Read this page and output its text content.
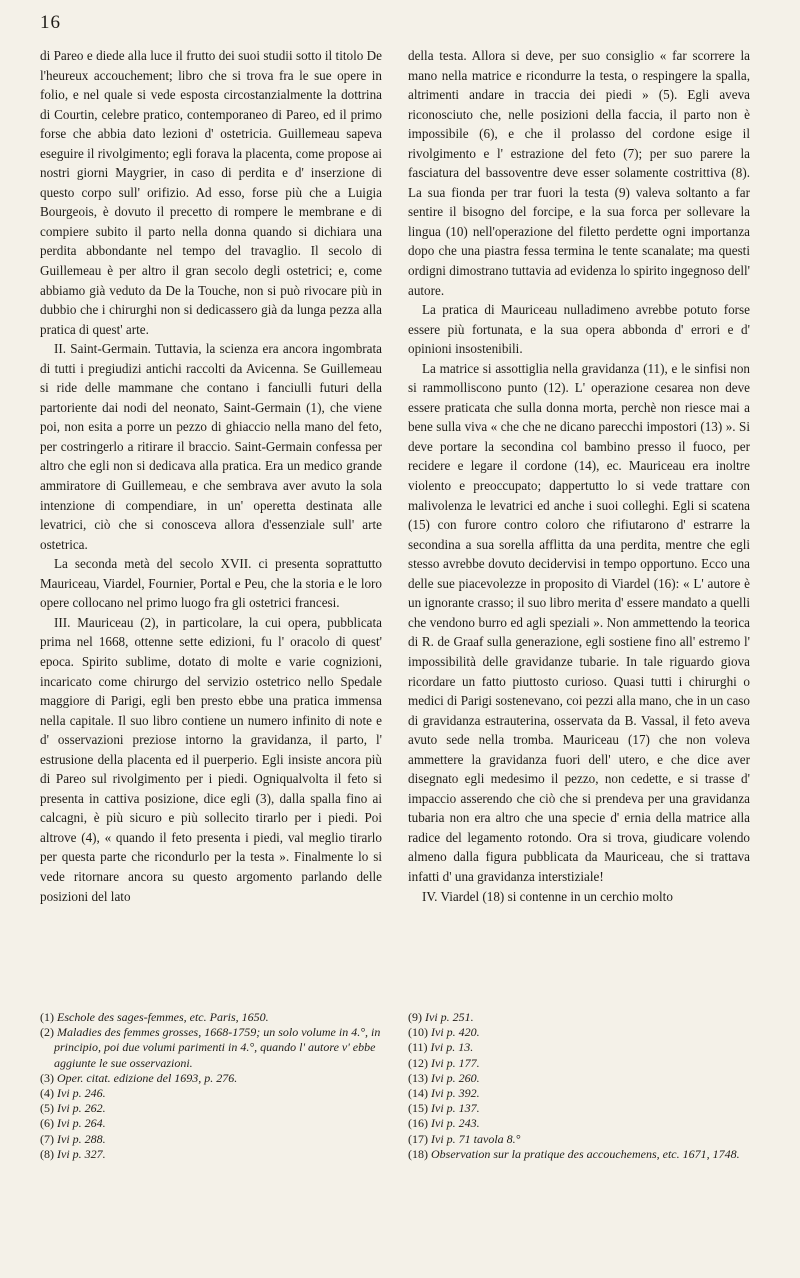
16

di Pareo e diede alla luce il frutto dei suoi studii sotto il titolo De l'heureux accouchement; libro che si trova fra le sue opere in folio, e nel quale si vede esposta circostanzialmente la dottrina di Courtin, celebre pratico, contemporaneo di Pareo, ed il primo forse che abbia dato lezioni d' ostetricia. Guillemeau sapeva eseguire il rivolgimento; egli forava la placenta, come propose ai nostri giorni Maygrier, in caso di perdita e d' inserzione di questo corpo sull' orifizio. Ad esso, forse più che a Luigia Bourgeois, è dovuto il precetto di rompere le membrane e di compiere subito il parto nella donna quando si dichiara una perdita abbondante nel tempo del travaglio. Il secolo di Guillemeau è per altro il gran secolo degli ostetrici; e, come abbiamo già veduto da De la Touche, non si può rivocare più in dubbio che i chirurghi non si dedicassero già da lunga pezza alla pratica di quest' arte.

II. Saint-Germain. Tuttavia, la scienza era ancora ingombrata di tutti i pregiudizi antichi raccolti da Avicenna. Se Guillemeau si ride delle mammane che contano i fanciulli futuri della partoriente dai nodi del neonato, Saint-Germain (1), che viene poi, non esita a porre un pezzo di ghiaccio nella mano del feto, per costringerlo a ritirare il braccio. Saint-Germain confessa per altro che egli non si dedicava alla pratica. Era un medico grande ammiratore di Guillemeau, e che sembrava aver avuto la sola intenzione di compendiare, in un' operetta destinata alle levatrici, ciò che si conosceva allora d'essenziale sull' arte ostetrica.

La seconda metà del secolo XVII. ci presenta soprattutto Mauriceau, Viardel, Fournier, Portal e Peu, che la storia e le loro opere collocano nel primo luogo fra gli ostetrici francesi.

III. Mauriceau (2), in particolare, la cui opera, pubblicata prima nel 1668, ottenne sette edizioni, fu l' oracolo di quest' epoca. Spirito sublime, dotato di molte e varie cognizioni, incaricato come chirurgo del servizio ostetrico nello Spedale maggiore di Parigi, egli ben presto ebbe una pratica immensa nella capitale. Il suo libro contiene un numero infinito di note e d' osservazioni preziose intorno la gravidanza, il parto, l' estrusione della placenta ed il puerperio. Egli insiste ancora più di Pareo sul rivolgimento per i piedi. Ogniqualvolta il feto si presenta in cattiva posizione, dice egli (3), dalla spalla fino ai calcagni, è più sicuro e più sollecito tirarlo per i piedi. Poi altrove (4), « quando il feto presenta i piedi, val meglio tirarlo per questa parte che ricondurlo per la testa ». Finalmente lo si vede ritornare ancora su questo argomento parlando delle posizioni del lato

della testa. Allora si deve, per suo consiglio « far scorrere la mano nella matrice e ricondurre la testa, o respingere la spalla, altrimenti andare in traccia dei piedi » (5). Egli aveva riconosciuto che, nelle posizioni della faccia, il parto non è impossibile (6), e che il prolasso del cordone esige il rivolgimento e l' estrazione del feto (7); per suo parere la fasciatura del bassoventre deve esser solamente costrittiva (8). La sua fionda per trar fuori la testa (9) valeva soltanto a far sentire il bisogno del forcipe, e la sua forca per sollevare la lingua (10) nell'operazione del filetto perdette ogni importanza dopo che una piastra fessa termina le tente scanalate; ma questi ordigni dimostrano tuttavia ad evidenza lo spirito ingegnoso dell' autore.

La pratica di Mauriceau nulladimeno avrebbe potuto forse essere più fortunata, e la sua opera abbonda d' errori e d' opinioni insostenibili.

La matrice si assottiglia nella gravidanza (11), e le sinfisi non si rammolliscono punto (12). L' operazione cesarea non deve essere praticata che sulla donna morta, perchè non riesce mai a bene sulla viva « che che ne dicano parecchi impostori (13) ». Si deve portare la secondina col bambino presso il fuoco, per recidere e legare il cordone (14), ec. Mauriceau era inoltre violento e preoccupato; dappertutto lo si vede trattare con malivolenza le levatrici ed anche i suoi colleghi. Egli si scatena (15) con furore contro coloro che rifiutarono d' estrarre la secondina a sua sorella afflitta da una perdita, mentre che egli stesso avrebbe dovuto decidervisi in tempo opportuno. Ecco una delle sue piacevolezze in proposito di Viardel (16): « L' autore è un ignorante crasso; il suo libro merita d' essere mandato a quelli che vendono burro ed agli speziali ». Non ammettendo la teorica di R. de Graaf sulla generazione, egli sostiene fino all' estremo l' impossibilità delle gravidanze tubarie. In tale riguardo giova ricordare un fatto piuttosto curioso. Quasi tutti i chirurghi o medici di Parigi sostenevano, coi pezzi alla mano, che in un caso di gravidanza estrauterina, osservata da B. Vassal, il feto aveva avuto sede nella tromba. Mauriceau (17) che non voleva ammettere la gravidanza fuori dell' utero, e che dice aver disegnato egli medesimo il pezzo, non cedette, e si trasse d' impaccio asserendo che ciò che si prendeva per una gravidanza tubaria non era altro che una specie d' ernia della matrice alla radice del legamento rotondo. Ora si trova, giudicare volendo almeno dalla figura pubblicata da Mauriceau, che si trattava infatti d' una gravidanza interstiziale!

IV. Viardel (18) si contenne in un cerchio molto

(1) Eschole des sages-femmes, etc. Paris, 1650.

(2) Maladies des femmes grosses, 1668-1759; un solo volume in 4.°, in principio, poi due volumi parimenti in 4.°, quando l' autore v' ebbe aggiunte le sue osservazioni.

(3) Oper. citat. edizione del 1693, p. 276.

(4) Ivi p. 246.

(5) Ivi p. 262.

(6) Ivi p. 264.

(7) Ivi p. 288.

(8) Ivi p. 327.

(9) Ivi p. 251.

(10) Ivi p. 420.

(11) Ivi p. 13.

(12) Ivi p. 177.

(13) Ivi p. 260.

(14) Ivi p. 392.

(15) Ivi p. 137.

(16) Ivi p. 243.

(17) Ivi p. 71 tavola 8.°

(18) Observation sur la pratique des accouchemens, etc. 1671, 1748.
